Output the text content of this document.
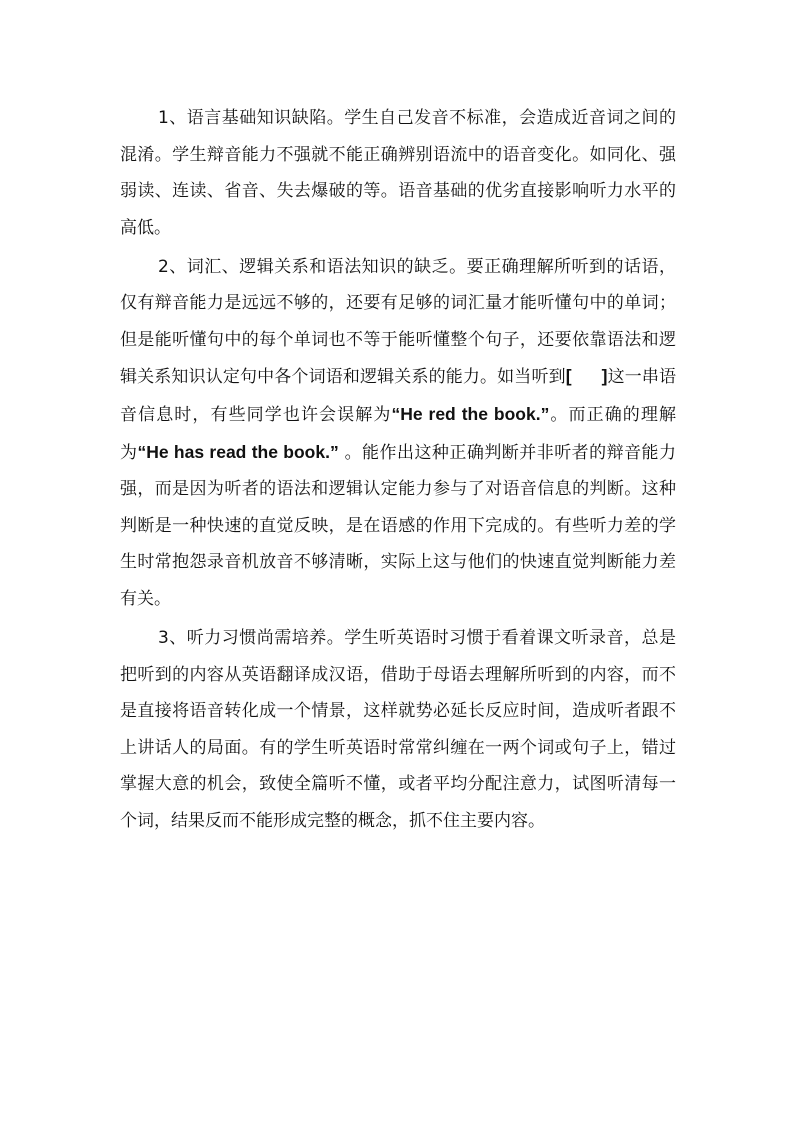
1、语言基础知识缺陷。学生自己发音不标准，会造成近音词之间的混淆。学生辩音能力不强就不能正确辨别语流中的语音变化。如同化、强弱读、连读、省音、失去爆破的等。语音基础的优劣直接影响听力水平的高低。

2、词汇、逻辑关系和语法知识的缺乏。要正确理解所听到的话语，仅有辩音能力是远远不够的，还要有足够的词汇量才能听懂句中的单词；但是能听懂句中的每个单词也不等于能听懂整个句子，还要依靠语法和逻辑关系知识认定句中各个词语和逻辑关系的能力。如当听到[      ]这一串语音信息时，有些同学也许会误解为“He red the book.”。而正确的理解为“He has read the book.” 。能作出这种正确判断并非听者的辩音能力强，而是因为听者的语法和逻辑认定能力参与了对语音信息的判断。这种判断是一种快速的直觉反映，是在语感的作用下完成的。有些听力差的学生时常抱怨录音机放音不够清晰，实际上这与他们的快速直觉判断能力差有关。

3、听力习惯尚需培养。学生听英语时习惯于看着课文听录音，总是把听到的内容从英语翻译成汉语，借助于母语去理解所听到的内容，而不是直接将语音转化成一个情景，这样就势必延长反应时间，造成听者跟不上讲话人的局面。有的学生听英语时常常纠缠在一两个词或句子上，错过掌握大意的机会，致使全篇听不懂，或者平均分配注意力，试图听清每一个词，结果反而不能形成完整的概念，抓不住主要内容。
